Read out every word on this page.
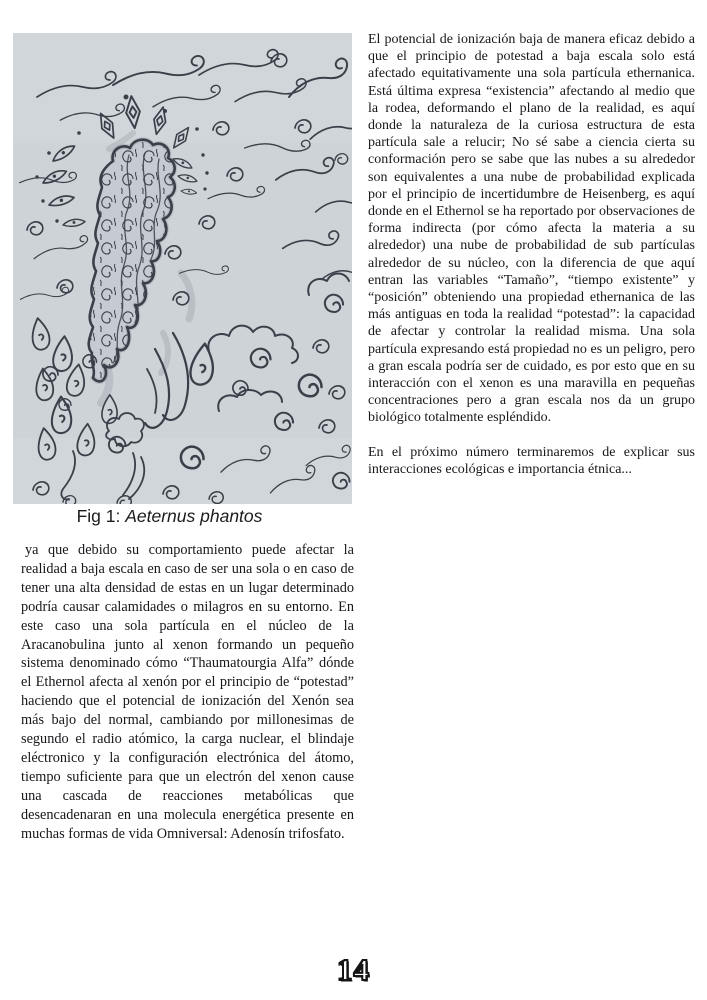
Fig 1: Aeternus phantos

El potencial de ionización baja de manera eficaz debido a que el principio de potestad a baja escala solo está afectado equitativamente una sola partícula ethernanica. Está última expresa “existencia” afectando al medio que la rodea, deformando el plano de la realidad, es aquí donde la naturaleza de la curiosa estructura de esta partícula sale a relucir; No sé sabe a ciencia cierta su conformación pero se sabe que las nubes a su alrededor son equivalentes a una nube de probabilidad explicada por el principio de incertidumbre de Heisenberg, es aquí donde en el Ethernol se ha reportado por observaciones de forma indirecta (por cómo afecta la materia a su alrededor) una nube de probabilidad de sub partículas alrededor de su núcleo, con la diferencia de que aquí entran las variables “Tamaño”, “tiempo existente” y “posición” obteniendo una propiedad ethernanica de las más antiguas en toda la realidad “potestad”: la capacidad de afectar y controlar la realidad misma. Una sola partícula expresando está propiedad no es un peligro, pero a gran escala podría ser de cuidado, es por esto que en su interacción con el xenon es una maravilla en pequeñas concentraciones pero a gran escala nos da un grupo biológico totalmente espléndido.

En el próximo número terminaremos de explicar sus interacciones ecológicas e importancia étnica...

ya que debido su comportamiento puede afectar la realidad a baja escala en caso de ser una sola o en caso de tener una alta densidad de estas en un lugar determinado podría causar calamidades o milagros en su entorno. En este caso una sola partícula en el núcleo de la Aracanobulina junto al xenon formando un pequeño sistema denominado cómo “Thaumatourgia Alfa” dónde el Ethernol afecta al xenón por el principio de “potestad” haciendo que el potencial de ionización del Xenón sea más bajo del normal, cambiando por millonesimas de segundo el radio atómico, la carga nuclear, el blindaje eléctronico y la configuración electrónica del átomo, tiempo suficiente para que un electrón del xenon cause una cascada de reacciones metabólicas que desencadenaran en una molecula energética presente en muchas formas de vida Omniversal: Adenosín trifosfato.

14
